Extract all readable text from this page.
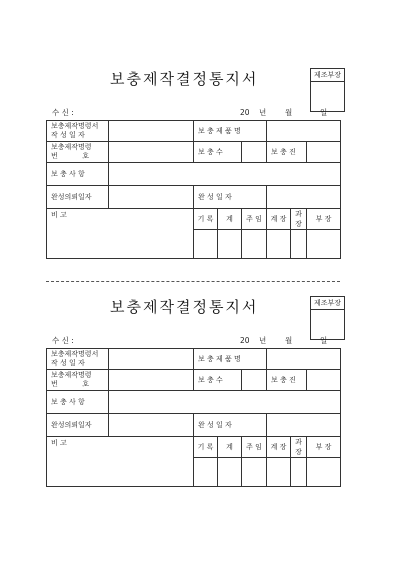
보충제작결정통지서	제조부장
수 신 :	20 년	월	일
보충제작명령서
작 성 일 자		보 충 제 품 명					
보충제작명령
번           호		보 충 수			보 충 진		
보 충 사 항							
완성의뢰일자		완 성 일 자					
비 고		기 록	계	주 임	계 장	과 장	부 장

보충제작결정통지서	제조부장
수 신 :	20 년	월	일
보충제작명령서
작 성 일 자		보 충 제 품 명					
보충제작명령
번           호		보 충 수			보 충 진		
보 충 사 항							
완성의뢰일자		완 성 일 자					
비 고		기 록	계	주 임	계 장	과 장	부 장
